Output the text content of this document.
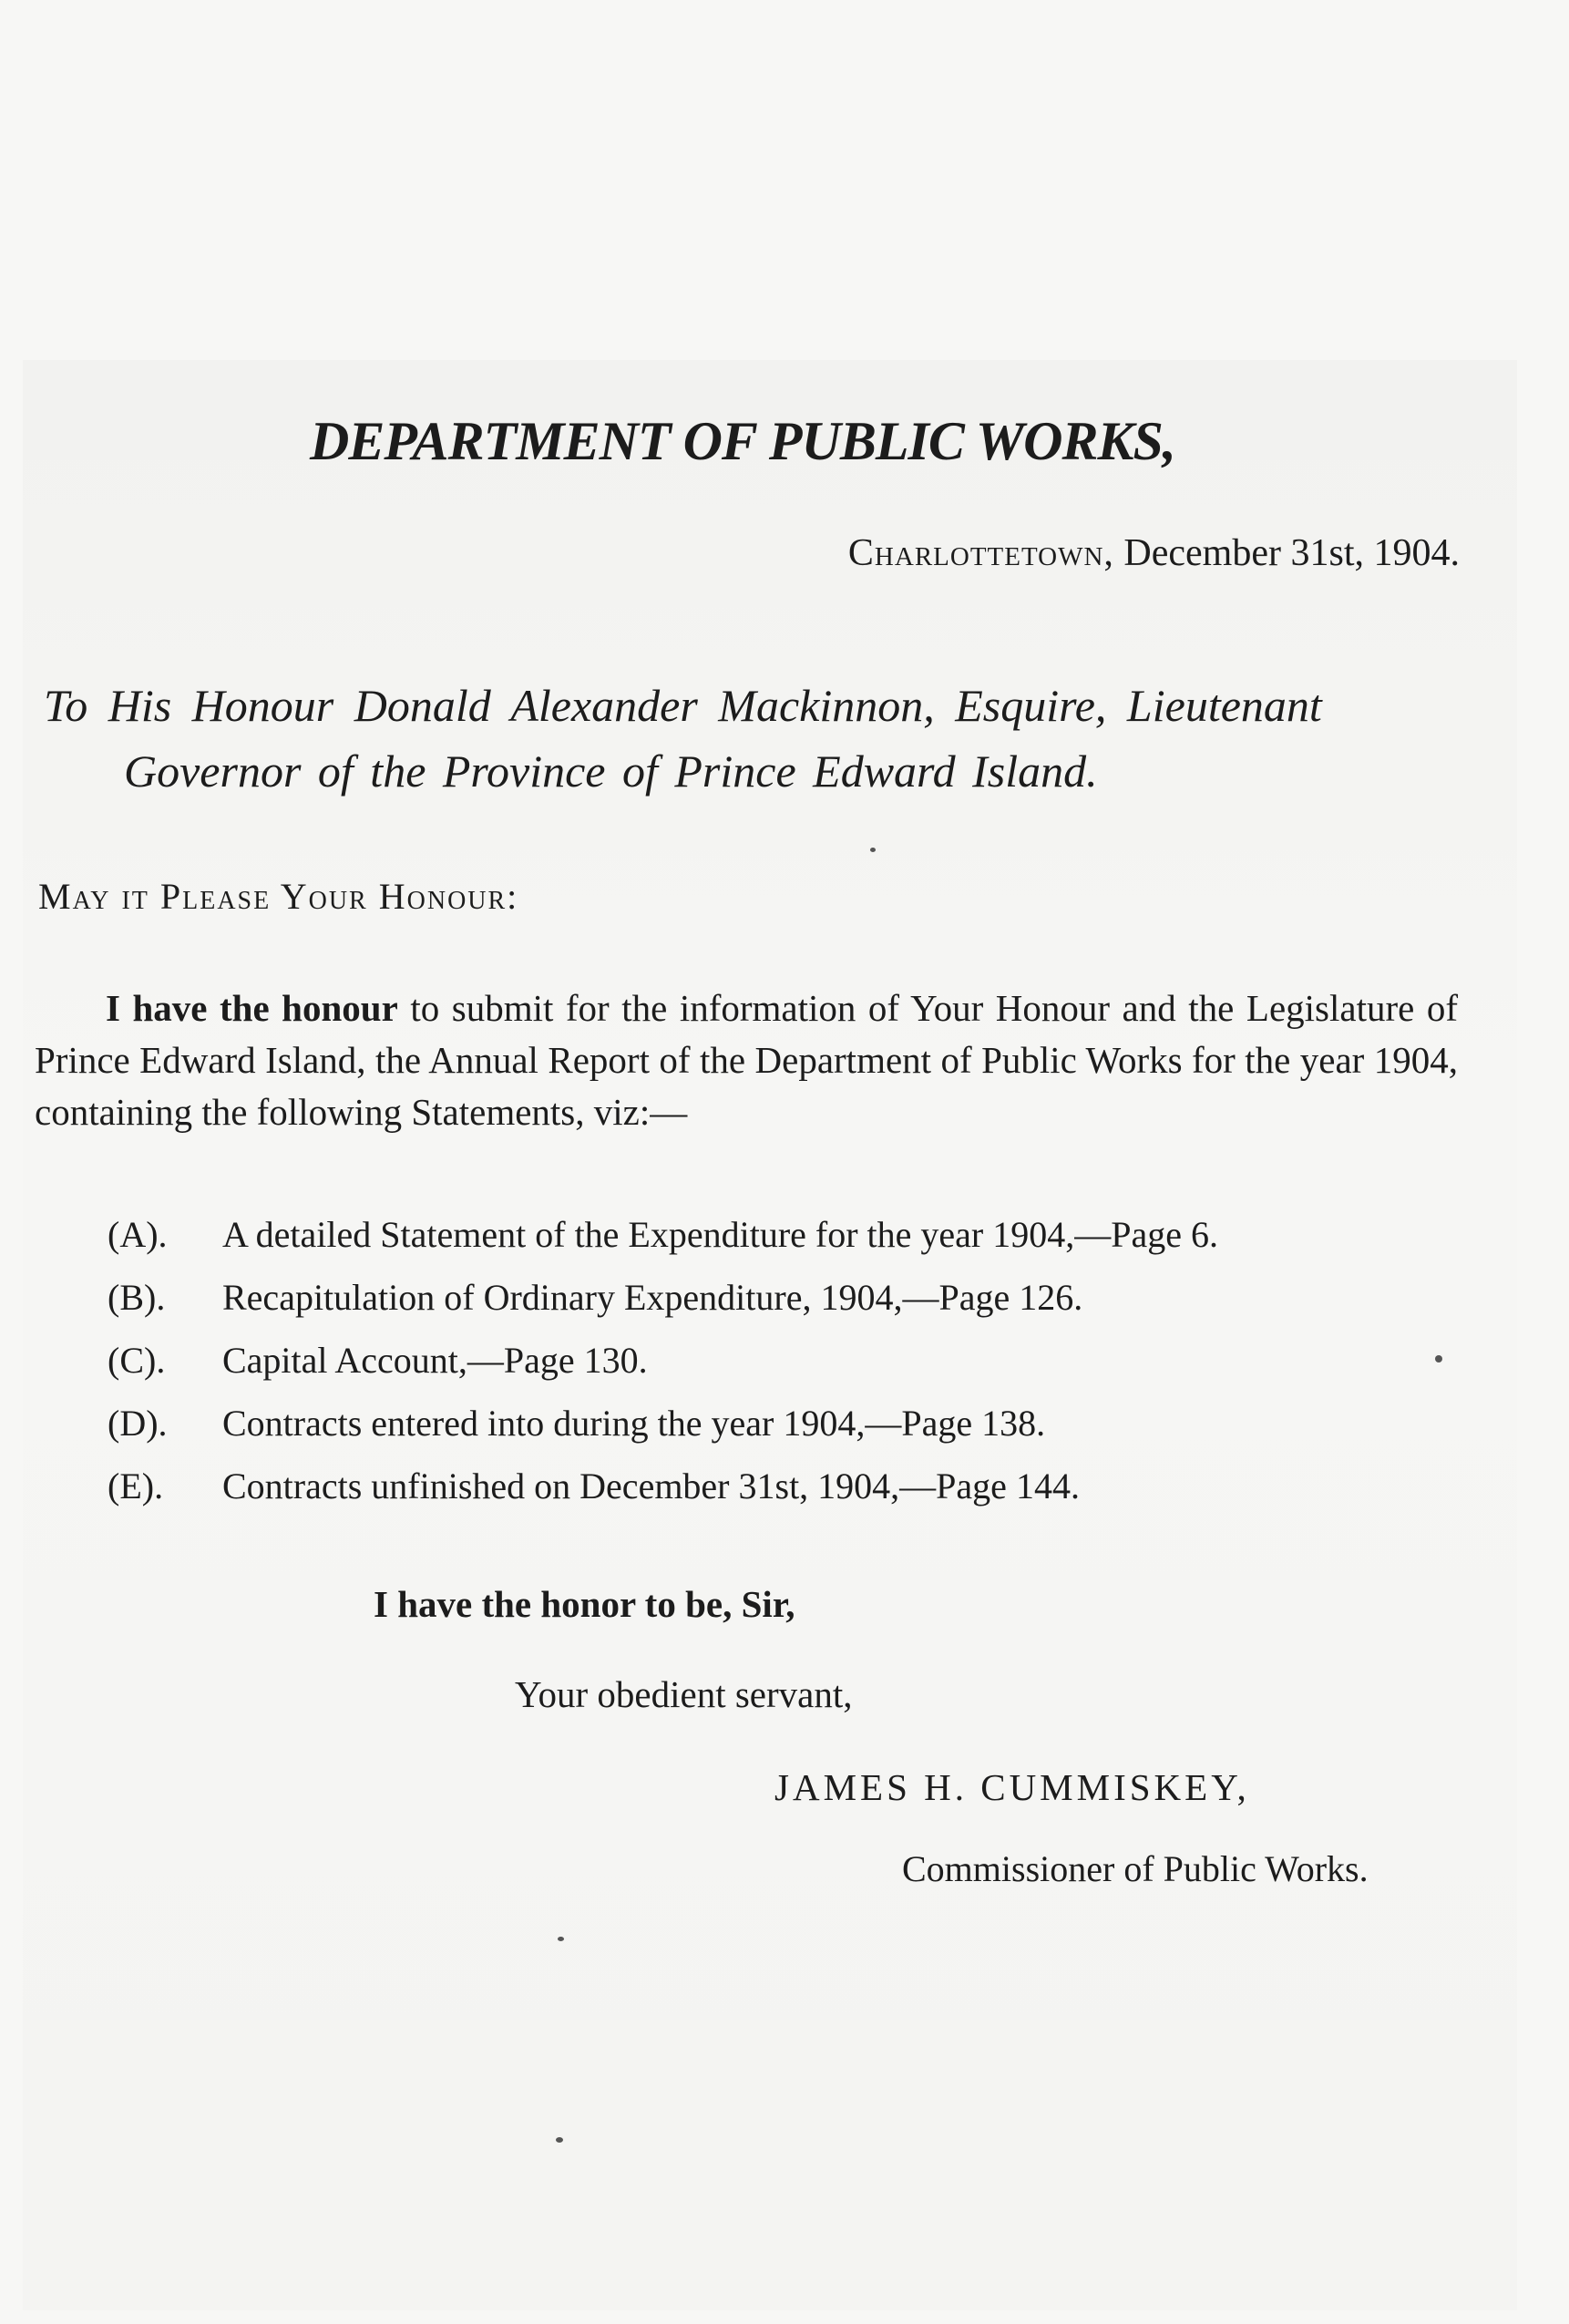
DEPARTMENT OF PUBLIC WORKS,
Charlottetown, December 31st, 1904.
To His Honour Donald Alexander Mackinnon, Esquire, Lieutenant
Governor of the Province of Prince Edward Island.
May it Please Your Honour:

I have the honour to submit for the information of Your Honour and the Legislature of Prince Edward Island, the Annual Report of the Department of Public Works for the year 1904, containing the following Statements, viz:—

(A). A detailed Statement of the Expenditure for the year 1904,—Page 6.
(B). Recapitulation of Ordinary Expenditure, 1904,—Page 126.
(C). Capital Account,—Page 130.
(D). Contracts entered into during the year 1904,—Page 138.
(E). Contracts unfinished on December 31st, 1904,—Page 144.
I have the honor to be, Sir,
Your obedient servant,
JAMES H. CUMMISKEY,
Commissioner of Public Works.
